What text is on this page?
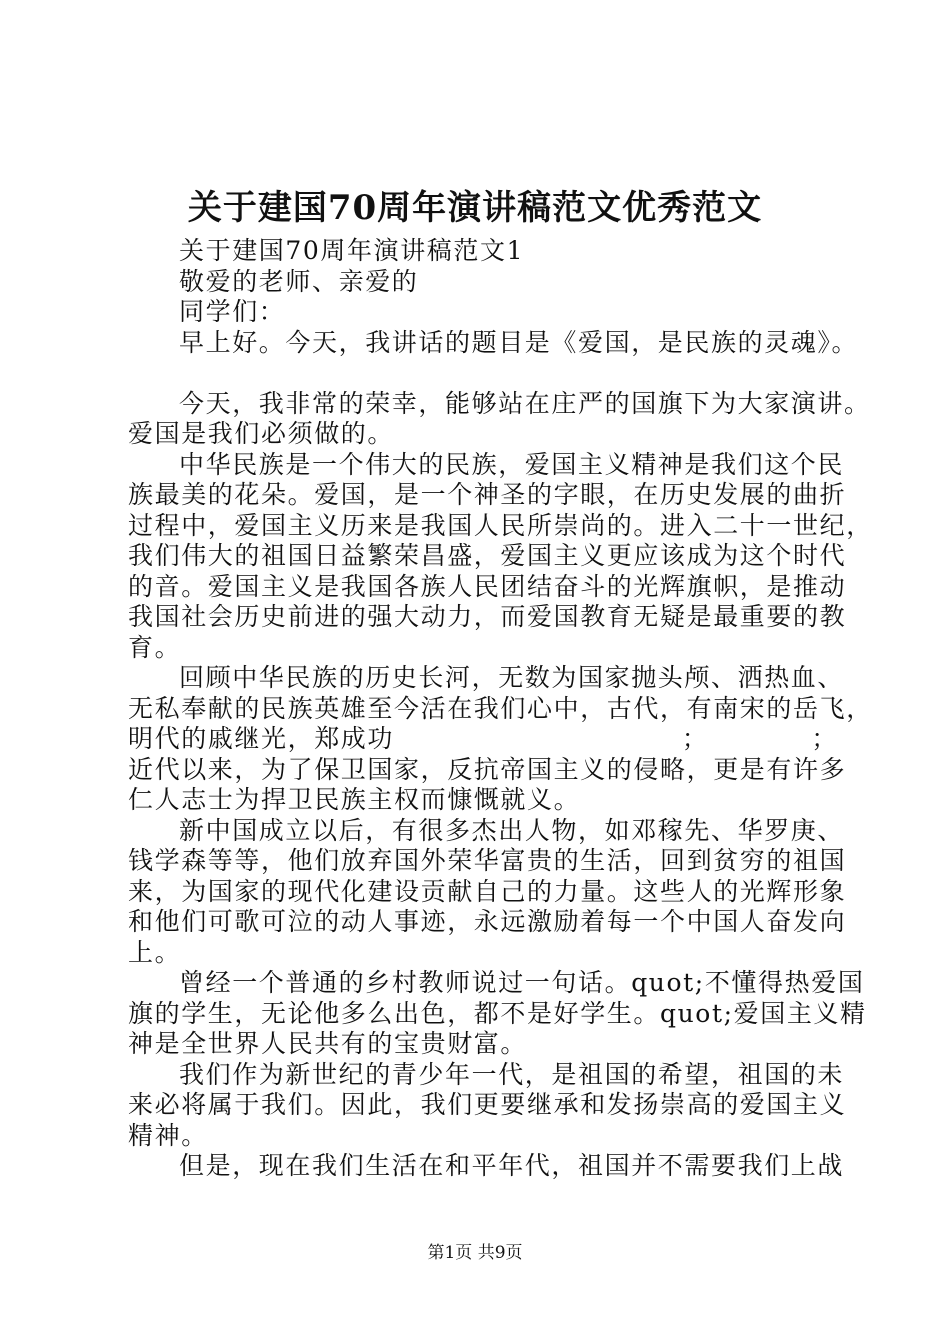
关于建国70周年演讲稿范文优秀范文
关于建国70周年演讲稿范文1
敬爱的老师、亲爱的
同学们：
早上好。今天，我讲话的题目是《爱国，是民族的灵魂》。
今天，我非常的荣幸，能够站在庄严的国旗下为大家演讲。
爱国是我们必须做的。
中华民族是一个伟大的民族，爱国主义精神是我们这个民
族最美的花朵。爱国，是一个神圣的字眼，在历史发展的曲折
过程中，爱国主义历来是我国人民所崇尚的。进入二十一世纪，
我们伟大的祖国日益繁荣昌盛，爱国主义更应该成为这个时代
的音。爱国主义是我国各族人民团结奋斗的光辉旗帜，是推动
我国社会历史前进的强大动力，而爱国教育无疑是最重要的教
育。
回顾中华民族的历史长河，无数为国家抛头颅、洒热血、
无私奉献的民族英雄至今活在我们心中，古代，有南宋的岳飞，
明代的戚继光，郑成功	；	；
近代以来，为了保卫国家，反抗帝国主义的侵略，更是有许多
仁人志士为捍卫民族主权而慷慨就义。
新中国成立以后，有很多杰出人物，如邓稼先、华罗庚、
钱学森等等，他们放弃国外荣华富贵的生活，回到贫穷的祖国
来，为国家的现代化建设贡献自己的力量。这些人的光辉形象
和他们可歌可泣的动人事迹，永远激励着每一个中国人奋发向
上。
曾经一个普通的乡村教师说过一句话。quot;不懂得热爱国
旗的学生，无论他多么出色，都不是好学生。quot;爱国主义精
神是全世界人民共有的宝贵财富。
我们作为新世纪的青少年一代，是祖国的希望，祖国的未
来必将属于我们。因此，我们更要继承和发扬崇高的爱国主义
精神。
但是，现在我们生活在和平年代，祖国并不需要我们上战
第1页 共9页
